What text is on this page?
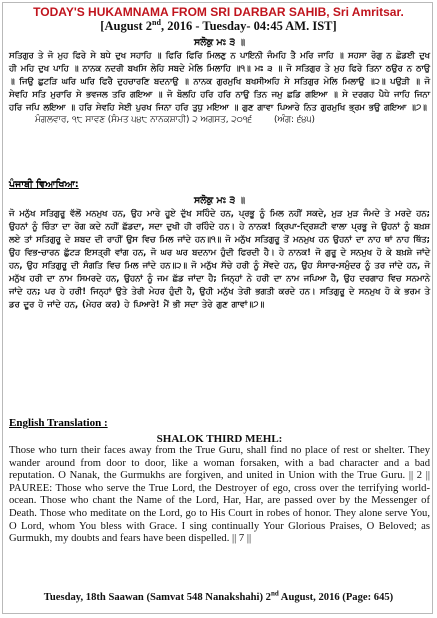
TODAY'S HUKAMNAMA FROM SRI DARBAR SAHIB, Sri Amritsar.
[August 2nd, 2016 - Tuesday- 04:45 AM. IST]
ਸਲੋਕੁ ਮਃ ੩ ॥
ਸਤਿਗੁਰ ਤੇ ਜੋ ਮੁਹ ਫਿਰੇ ਸੇ ਬਧੇ ਦੁਖ ਸਹਾਹਿ ॥ ਫਿਰਿ ਫਿਰਿ ਮਿਲਣੁ ਨ ਪਾਇਨੀ ਜੰਮਹਿ ਤੈ ਮਰਿ ਜਾਹਿ ॥ ਸਹਸਾ ਰੋਗੁ ਨ ਛੋਡਈ ਦੁਖ ਹੀ ਮਹਿ ਦੁਖ ਪਾਹਿ ॥ ਨਾਨਕ ਨਦਰੀ ਬਖਸਿ ਲੇਹਿ ਸਬਦੇ ਮੇਲਿ ਮਿਲਾਹਿ ॥੧॥ ਮਃ ੩ ॥ ਜੋ ਸਤਿਗੁਰ ਤੇ ਮੁਹ ਫਿਰੇ ਤਿਨਾ ਠਉਰ ਨ ਠਾਉ ॥ ਜਿਉ ਛੁਟੜਿ ਘਰਿ ਘਰਿ ਫਿਰੈ ਦੁਹਚਾਰਣਿ ਬਦਨਾਉ ॥ ਨਾਨਕ ਗੁਰਮੁਖਿ ਬਖਸੀਅਹਿ ਸੇ ਸਤਿਗੁਰ ਮੇਲਿ ਮਿਲਾਉ ॥੨॥ ਪਉੜੀ ॥ ਜੋ ਸੇਵਹਿ ਸਤਿ ਮੁਰਾਰਿ ਸੇ ਭਵਜਲ ਤਰਿ ਗਇਆ ॥ ਜੋ ਬੋਲਹਿ ਹਰਿ ਹਰਿ ਨਾਉ ਤਿਨ ਜਮੁ ਛਡਿ ਗਇਆ ॥ ਸੇ ਦਰਗਹ ਪੈਧੇ ਜਾਹਿ ਜਿਨਾ ਹਰਿ ਜਪਿ ਲਇਆ ॥ ਹਰਿ ਸੇਵਹਿ ਸੇਈ ਪੁਰਖ ਜਿਨਾ ਹਰਿ ਤੁਧੁ ਮਇਆ ॥ ਗੁਣ ਗਾਵਾ ਪਿਆਰੇ ਨਿਤ ਗੁਰਮੁਖਿ ਭ੍ਰਮ ਭਉ ਗਇਆ ॥੭॥
ਮੰਗਲਵਾਰ, ੧੮ ਸਾਵਣ (ਸੰਮਤ ੫੪੮ ਨਾਨਕਸ਼ਾਹੀ) ੨ ਅਗਸਤ, ੨੦੧੬	(ਅੰਗ: ੬੪੫)
ਪੰਜਾਬੀ ਵਿਆਖਿਆ:
ਸਲੋਕੁ ਮਃ ੩ ॥
ਜੋ ਮਨੁੱਖ ਸਤਿਗੁਰੂ ਵੱਲੋਂ ਮਨਮੁਖ ਹਨ, ਉਹ ਮਾਰੇ ਹੂਏ ਦੁੱਖ ਸਹਿੰਦੇ ਹਨ, ਪ੍ਰਭੂ ਨੂੰ ਮਿਲ ਨਹੀਂ ਸਕਦੇ, ਮੁੜ ਮੁੜ ਜੰਮਦੇ ਤੇ ਮਰਦੇ ਹਨ; ਉਹਨਾਂ ਨੂੰ ਚਿੰਤਾ ਦਾ ਰੋਗ ਕਦੇ ਨਹੀਂ ਛੱਡਦਾ, ਸਦਾ ਦੁਖੀ ਹੀ ਰਹਿੰਦੇ ਹਨ। ਹੇ ਨਾਨਕ! ਕ੍ਰਿਪਾ-ਦ੍ਰਿਸ਼ਟੀ ਵਾਲਾ ਪ੍ਰਭੂ ਜੇ ਉਹਨਾਂ ਨੂੰ ਬਖ਼ਸ਼ ਲਏ ਤਾਂ ਸਤਿਗੁਰੂ ਦੇ ਸ਼ਬਦ ਦੀ ਰਾਹੀਂ ਉਸ ਵਿਚ ਮਿਲ ਜਾਂਦੇ ਹਨ॥੧॥ ਜੋ ਮਨੁੱਖ ਸਤਿਗੁਰੂ ਤੋਂ ਮਨਮੁਖ ਹਨ ਉਹਨਾਂ ਦਾ ਨਾਹ ਥਾਂ ਨਾਹ ਥਿੱਤ; ਉਹ ਵਿਭ-ਚਾਰਨ ਛੁੱਟੜ ਇਸਤ੍ਰੀ ਵਾਂਗ ਹਨ, ਜੋ ਘਰ ਘਰ ਬਦਨਾਮ ਹੁੰਦੀ ਫਿਰਦੀ ਹੈ। ਹੇ ਨਾਨਕ! ਜੋ ਗੁਰੂ ਦੇ ਸਨਮੁਖ ਹੋ ਕੇ ਬਖ਼ਸ਼ੇ ਜਾਂਦੇ ਹਨ, ਉਹ ਸਤਿਗੁਰੂ ਦੀ ਸੰਗਤਿ ਵਿਚ ਮਿਲ ਜਾਂਦੇ ਹਨ॥੨॥ ਜੋ ਮਨੁੱਖ ਸੱਚੇ ਹਰੀ ਨੂੰ ਸੇਂਵਦੇ ਹਨ, ਉਹ ਸੰਸਾਰ-ਸਮੁੰਦਰ ਨੂੰ ਤਰ ਜਾਂਦੇ ਹਨ, ਜੋ ਮਨੁੱਖ ਹਰੀ ਦਾ ਨਾਮ ਸਿਮਰਦੇ ਹਨ, ਉਹਨਾਂ ਨੂੰ ਜਮ ਛੱਡ ਜਾਂਦਾ ਹੈ; ਜਿਨ੍ਹਾਂ ਨੇ ਹਰੀ ਦਾ ਨਾਮ ਜਪਿਆ ਹੈ, ਉਹ ਦਰਗਾਹ ਵਿਚ ਸਨਮਾਨੇ ਜਾਂਦੇ ਹਨ; ਪਰ ਹੇ ਹਰੀ! ਜਿਨ੍ਹਾਂ ਉਤੇ ਤੇਰੀ ਮੇਹਰ ਹੁੰਦੀ ਹੈ, ਉਹੀ ਮਨੁੱਖ ਤੇਰੀ ਭਗਤੀ ਕਰਦੇ ਹਨ। ਸਤਿਗੁਰੂ ਦੇ ਸਨਮੁਖ ਹੋ ਕੇ ਭਰਮ ਤੇ ਡਰ ਦੂਰ ਹੋ ਜਾਂਦੇ ਹਨ, (ਮੇਹਰ ਕਰ) ਹੇ ਪਿਆਰੇ! ਮੈਂ ਭੀ ਸਦਾ ਤੇਰੇ ਗੁਣ ਗਾਵਾਂ॥੭॥
English Translation :
SHALOK THIRD MEHL:
Those who turn their faces away from the True Guru, shall find no place of rest or shelter. They wander around from door to door, like a woman forsaken, with a bad character and a bad reputation. O Nanak, the Gurmukhs are forgiven, and united in Union with the True Guru. || 2 || PAUREE: Those who serve the True Lord, the Destroyer of ego, cross over the terrifying world-ocean. Those who chant the Name of the Lord, Har, Har, are passed over by the Messenger of Death. Those who meditate on the Lord, go to His Court in robes of honor. They alone serve You, O Lord, whom You bless with Grace. I sing continually Your Glorious Praises, O Beloved; as Gurmukh, my doubts and fears have been dispelled. || 7 ||
Tuesday, 18th Saawan (Samvat 548 Nanakshahi) 2nd August, 2016 (Page: 645)
